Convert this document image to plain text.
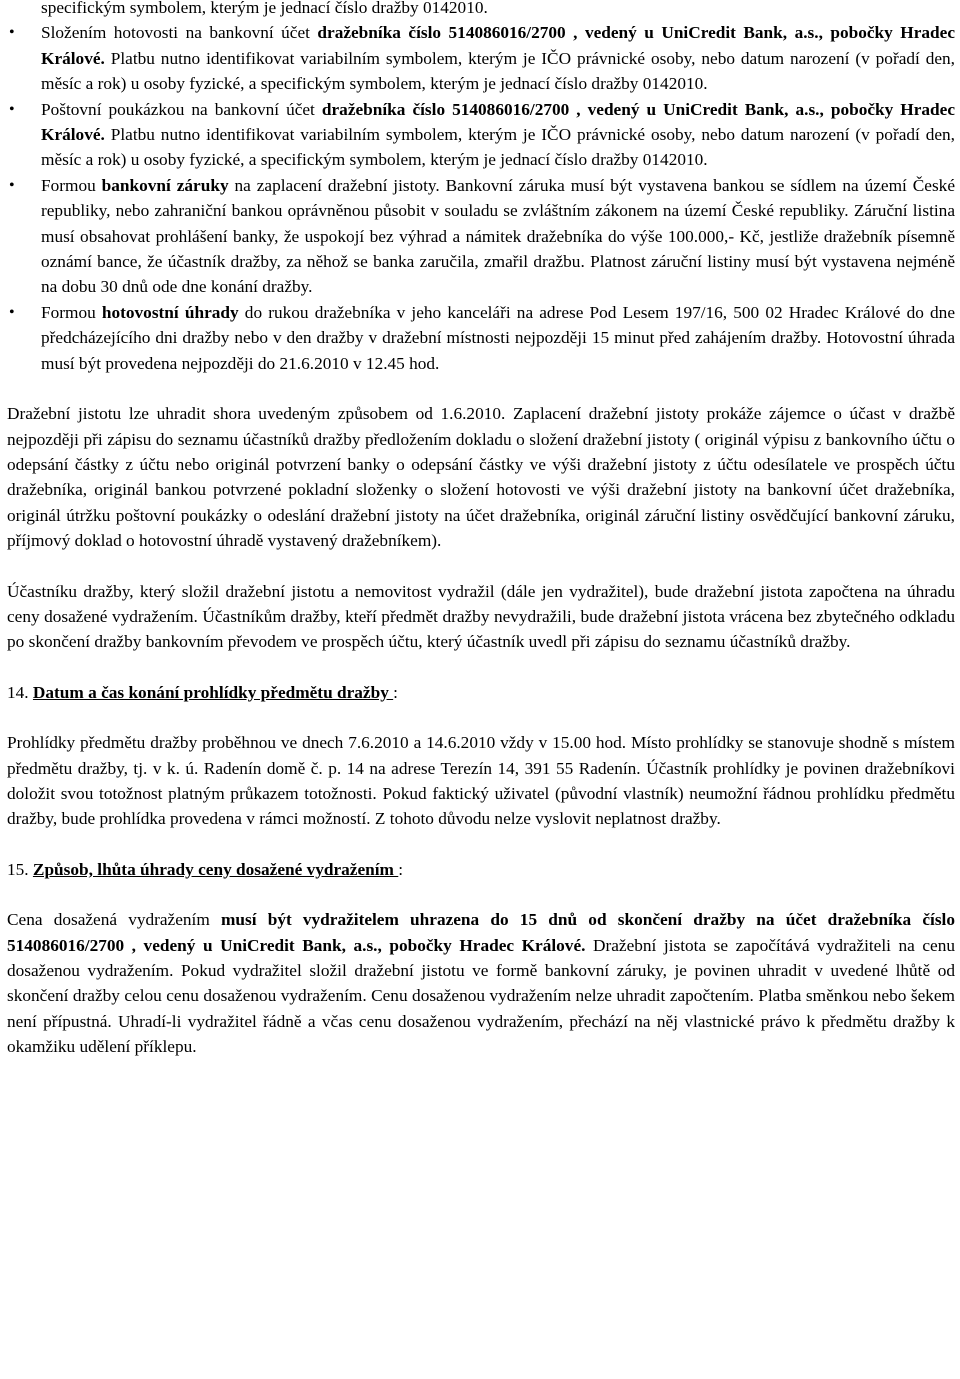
specifickým symbolem, kterým je jednací číslo dražby 0142010.
• Složením hotovosti na bankovní účet dražebníka číslo 514086016/2700 , vedený u UniCredit Bank, a.s., pobočky Hradec Králové. Platbu nutno identifikovat variabilním symbolem, kterým je IČO právnické osoby, nebo datum narození (v pořadí den, měsíc a rok) u osoby fyzické, a specifickým symbolem, kterým je jednací číslo dražby 0142010.
• Poštovní poukázkou na bankovní účet dražebníka číslo 514086016/2700 , vedený u UniCredit Bank, a.s., pobočky Hradec Králové. Platbu nutno identifikovat variabilním symbolem, kterým je IČO právnické osoby, nebo datum narození (v pořadí den, měsíc a rok) u osoby fyzické, a specifickým symbolem, kterým je jednací číslo dražby 0142010.
• Formou bankovní záruky na zaplacení dražební jistoty. Bankovní záruka musí být vystavena bankou se sídlem na území České republiky, nebo zahraniční bankou oprávněnou působit v souladu se zvláštním zákonem na území České republiky. Záruční listina musí obsahovat prohlášení banky, že uspokojí bez výhrad a námitek dražebníka do výše 100.000,- Kč, jestliže dražebník písemně oznámí bance, že účastník dražby, za něhož se banka zaručila, zmařil dražbu. Platnost záruční listiny musí být vystavena nejméně na dobu 30 dnů ode dne konání dražby.
• Formou hotovostní úhrady do rukou dražebníka v jeho kanceláři na adrese Pod Lesem 197/16, 500 02 Hradec Králové do dne předcházejícího dni dražby nebo v den dražby v dražební místnosti nejpozději 15 minut před zahájením dražby. Hotovostní úhrada musí být provedena nejpozději do 21.6.2010 v 12.45 hod.

Dražební jistotu lze uhradit shora uvedeným způsobem od 1.6.2010. Zaplacení dražební jistoty prokáže zájemce o účast v dražbě nejpozději při zápisu do seznamu účastníků dražby předložením dokladu o složení dražební jistoty ( originál výpisu z bankovního účtu o odepsání částky z účtu nebo originál potvrzení banky o odepsání částky ve výši dražební jistoty z účtu odesílatele ve prospěch účtu dražebníka, originál bankou potvrzené pokladní složenky o složení hotovosti ve výši dražební jistoty na bankovní účet dražebníka, originál útržku poštovní poukázky o odeslání dražební jistoty na účet dražebníka, originál záruční listiny osvědčující bankovní záruku, příjmový doklad o hotovostní úhradě vystavený dražebníkem).

Účastníku dražby, který složil dražební jistotu a nemovitost vydražil (dále jen vydražitel), bude dražební jistota započtena na úhradu ceny dosažené vydražením. Účastníkům dražby, kteří předmět dražby nevydražili, bude dražební jistota vrácena bez zbytečného odkladu po skončení dražby bankovním převodem ve prospěch účtu, který účastník uvedl při zápisu do seznamu účastníků dražby.

14. Datum a čas konání prohlídky předmětu dražby :

Prohlídky předmětu dražby proběhnou ve dnech 7.6.2010 a 14.6.2010 vždy v 15.00 hod. Místo prohlídky se stanovuje shodně s místem předmětu dražby, tj. v k. ú. Radenín domě č. p. 14 na adrese Terezín 14, 391 55 Radenín. Účastník prohlídky je povinen dražebníkovi doložit svou totožnost platným průkazem totožnosti. Pokud faktický uživatel (původní vlastník) neumožní řádnou prohlídku předmětu dražby, bude prohlídka provedena v rámci možností. Z tohoto důvodu nelze vyslovit neplatnost dražby.

15. Způsob, lhůta úhrady ceny dosažené vydražením :

Cena dosažená vydražením musí být vydražitelem uhrazena do 15 dnů od skončení dražby na účet dražebníka číslo 514086016/2700 , vedený u UniCredit Bank, a.s., pobočky Hradec Králové. Dražební jistota se započítává vydražiteli na cenu dosaženou vydražením. Pokud vydražitel složil dražební jistotu ve formě bankovní záruky, je povinen uhradit v uvedené lhůtě od skončení dražby celou cenu dosaženou vydražením. Cenu dosaženou vydražením nelze uhradit započtením. Platba směnkou nebo šekem není přípustná. Uhradí-li vydražitel řádně a včas cenu dosaženou vydražením, přechází na něj vlastnické právo k předmětu dražby k okamžiku udělení příklepu.
